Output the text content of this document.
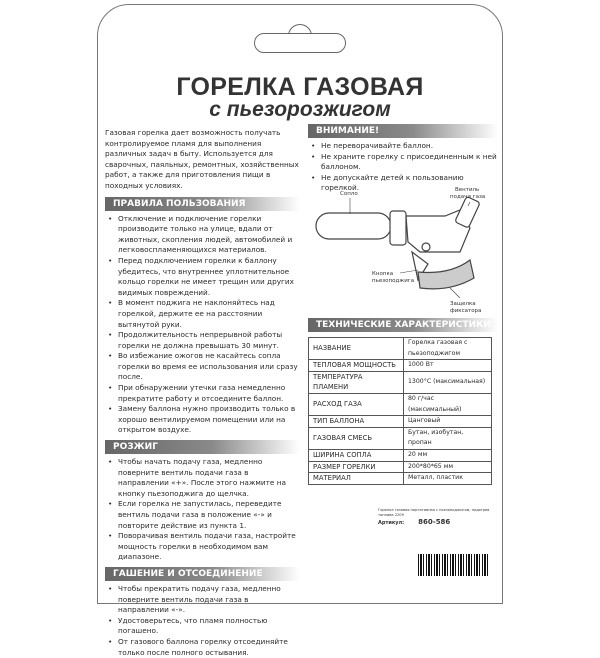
ГОРЕЛКА ГАЗОВАЯ
с пьезорозжигом

Газовая горелка дает возможность получать контролируемое пламя для выполнения различных задач в быту. Используется для сварочных, паяльных, ремонтных, хозяйственных работ, а также для приготовления пищи в походных условиях.

ПРАВИЛА ПОЛЬЗОВАНИЯ
• Отключение и подключение горелки производите только на улице, вдали от животных, скопления людей, автомобилей и легковоспламеняющихся материалов.
• Перед подключением горелки к баллону убедитесь, что внутреннее уплотнительное кольцо горелки не имеет трещин или других видимых повреждений.
• В момент поджига не наклоняйтесь над горелкой, держите ее на расстоянии вытянутой руки.
• Продолжительность непрерывной работы горелки не должна превышать 30 минут.
• Во избежание ожогов не касайтесь сопла горелки во время ее использования или сразу после.
• При обнаружении утечки газа немедленно прекратите работу и отсоедините баллон.
• Замену баллона нужно производить только в хорошо вентилируемом помещении или на открытом воздухе.
РОЗЖИГ
• Чтобы начать подачу газа, медленно поверните вентиль подачи газа в направлении «+». После этого нажмите на кнопку пьезоподжига до щелчка.
• Если горелка не запустилась, переведите вентиль подачи газа в положение «-» и повторите действие из пункта 1.
• Поворачивая вентиль подачи газа, настройте мощность горелки в необходимом вам диапазоне.
ГАШЕНИЕ И ОТСОЕДИНЕНИЕ
• Чтобы прекратить подачу газа, медленно поверните вентиль подачи газа в направлении «-».
• Удостоверьтесь, что пламя полностью погашено.
• От газового баллона горелку отсоединяйте только после полного остывания.
ВНИМАНИЕ!
• Не переворачивайте баллон.
• Не храните горелку с присоединенным к ней баллоном.
• Не допускайте детей к пользованию горелкой.
Сопло
Вентиль
подачи газа
Кнопка
пьезоподжига
Защелка
фиксатора
ТЕХНИЧЕСКИЕ ХАРАКТЕРИСТИКИ
НАЗВАНИЕ	Горелка газовая с пьезоподжигом
ТЕПЛОВАЯ МОЩНОСТЬ	1000 Вт
ТЕМПЕРАТУРА ПЛАМЕНИ	1300°C (максимальная)
РАСХОД ГАЗА	80 г/час (максимальный)
ТИП БАЛЛОНА	Цанговый
ГАЗОВАЯ СМЕСЬ	Бутан, изобутан, пропан
ШИРИНА СОПЛА	20 мм
РАЗМЕР ГОРЕЛКИ	200*80*65 мм
МАТЕРИАЛ	Металл, пластик
Горелка газовая портативная с пьезоподжигом, подогрев топлива 2209
Артикул: 860-586
